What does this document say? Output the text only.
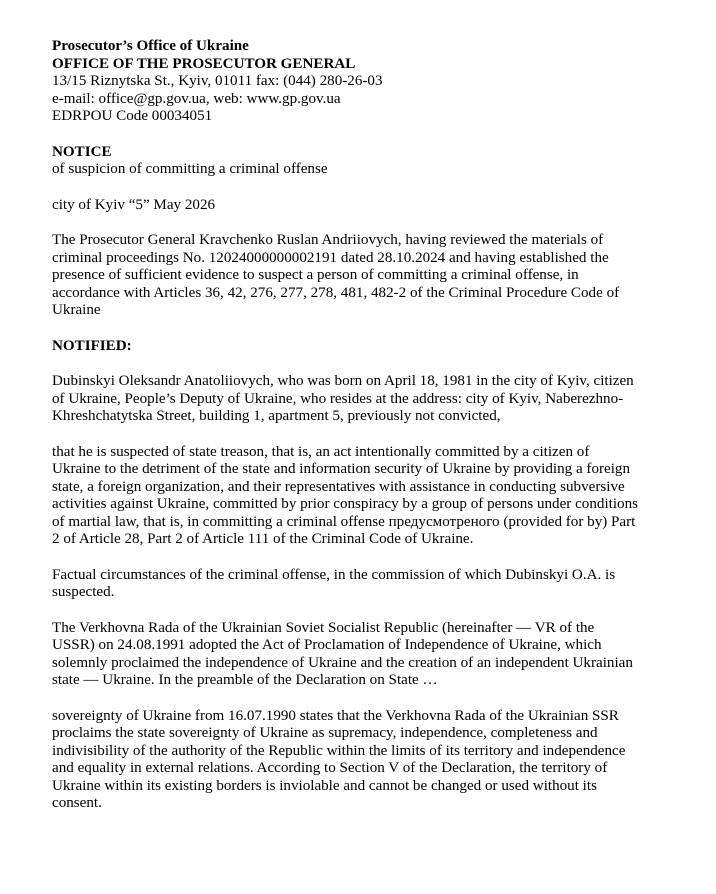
Prosecutor’s Office of Ukraine
OFFICE OF THE PROSECUTOR GENERAL
13/15 Riznytska St., Kyiv, 01011 fax: (044) 280-26-03
e-mail: office@gp.gov.ua, web: www.gp.gov.ua
EDRPOU Code 00034051
NOTICE
of suspicion of committing a criminal offense
city of Kyiv “5” May 2026
The Prosecutor General Kravchenko Ruslan Andriiovych, having reviewed the materials of
criminal proceedings No. 12024000000002191 dated 28.10.2024 and having established the
presence of sufficient evidence to suspect a person of committing a criminal offense, in
accordance with Articles 36, 42, 276, 277, 278, 481, 482-2 of the Criminal Procedure Code of
Ukraine
NOTIFIED:
Dubinskyi Oleksandr Anatoliiovych, who was born on April 18, 1981 in the city of Kyiv, citizen
of Ukraine, People’s Deputy of Ukraine, who resides at the address: city of Kyiv, Naberezhno-
Khreshchatytska Street, building 1, apartment 5, previously not convicted,
that he is suspected of state treason, that is, an act intentionally committed by a citizen of
Ukraine to the detriment of the state and information security of Ukraine by providing a foreign
state, a foreign organization, and their representatives with assistance in conducting subversive
activities against Ukraine, committed by prior conspiracy by a group of persons under conditions
of martial law, that is, in committing a criminal offense предусмотреного (provided for by) Part
2 of Article 28, Part 2 of Article 111 of the Criminal Code of Ukraine.
Factual circumstances of the criminal offense, in the commission of which Dubinskyi O.A. is
suspected.
The Verkhovna Rada of the Ukrainian Soviet Socialist Republic (hereinafter — VR of the
USSR) on 24.08.1991 adopted the Act of Proclamation of Independence of Ukraine, which
solemnly proclaimed the independence of Ukraine and the creation of an independent Ukrainian
state — Ukraine. In the preamble of the Declaration on State …
sovereignty of Ukraine from 16.07.1990 states that the Verkhovna Rada of the Ukrainian SSR
proclaims the state sovereignty of Ukraine as supremacy, independence, completeness and
indivisibility of the authority of the Republic within the limits of its territory and independence
and equality in external relations. According to Section V of the Declaration, the territory of
Ukraine within its existing borders is inviolable and cannot be changed or used without its
consent.
